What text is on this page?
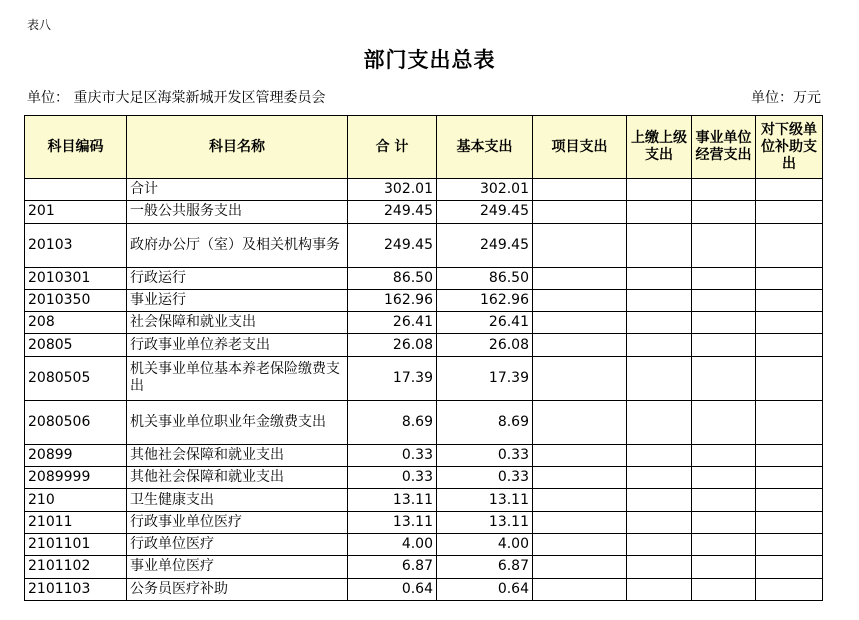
表八
部门支出总表
单位： 重庆市大足区海棠新城开发区管理委员会	单位：万元
科目编码	科目名称	合 计	基本支出	项目支出	上缴上级支出	事业单位经营支出	对下级单位补助支出
	合计	302.01	302.01				
201	一般公共服务支出	249.45	249.45				
20103	政府办公厅（室）及相关机构事务	249.45	249.45				
2010301	行政运行	86.50	86.50				
2010350	事业运行	162.96	162.96				
208	社会保障和就业支出	26.41	26.41				
20805	行政事业单位养老支出	26.08	26.08				
2080505	机关事业单位基本养老保险缴费支出	17.39	17.39				
2080506	机关事业单位职业年金缴费支出	8.69	8.69				
20899	其他社会保障和就业支出	0.33	0.33				
2089999	其他社会保障和就业支出	0.33	0.33				
210	卫生健康支出	13.11	13.11				
21011	行政事业单位医疗	13.11	13.11				
2101101	行政单位医疗	4.00	4.00				
2101102	事业单位医疗	6.87	6.87				
2101103	公务员医疗补助	0.64	0.64				
